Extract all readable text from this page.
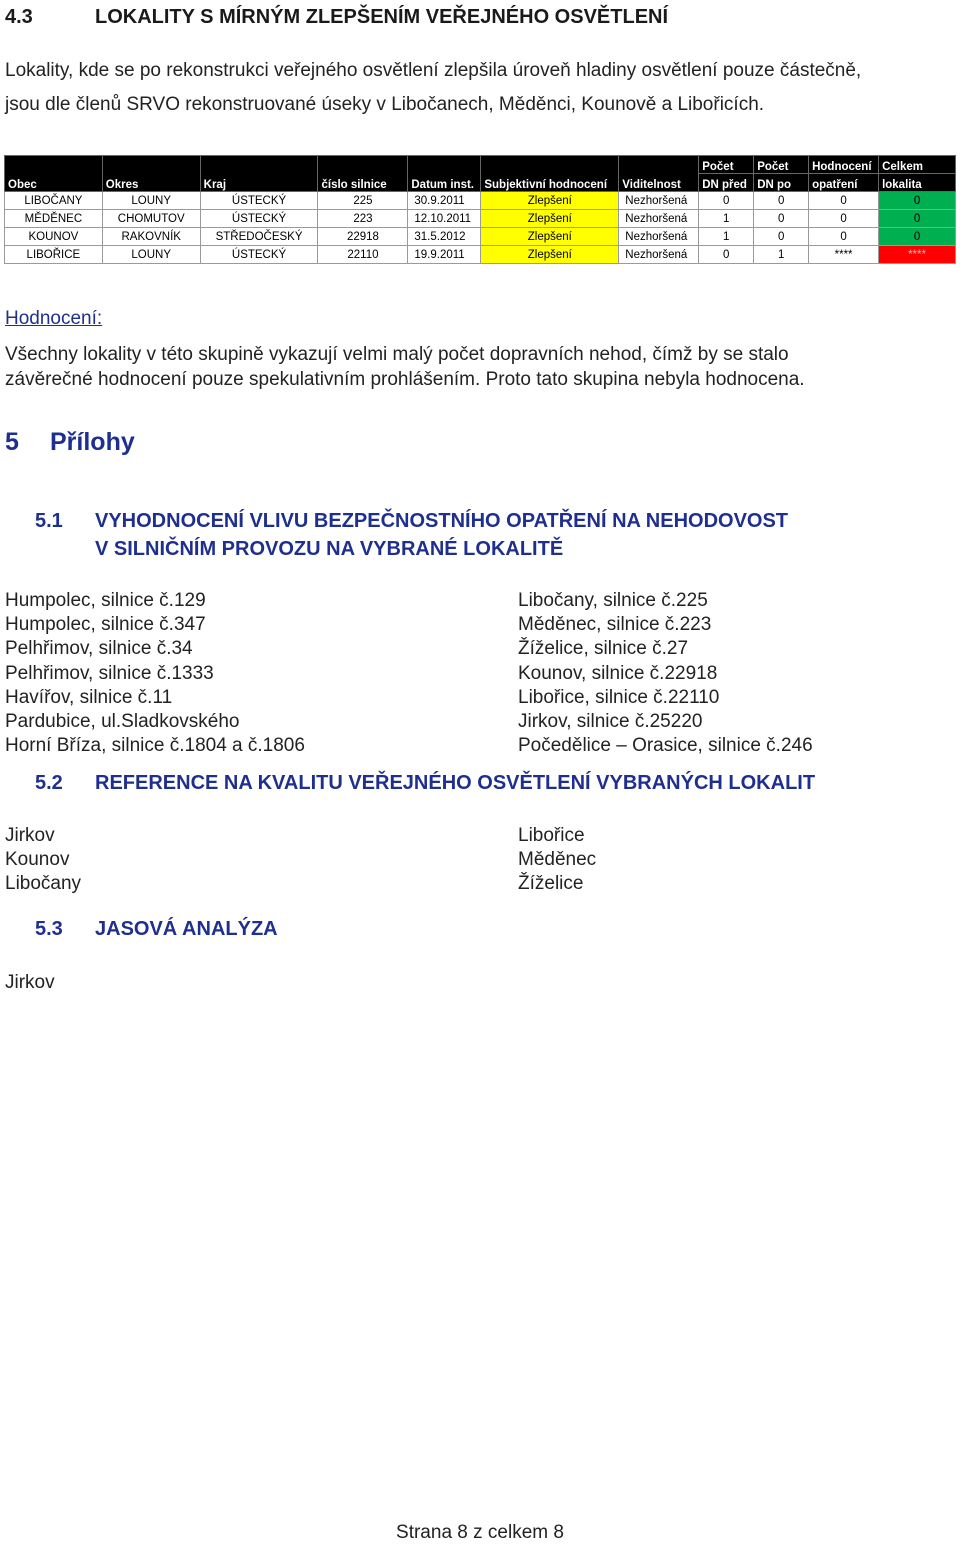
4.3	LOKALITY S MÍRNÝM ZLEPŠENÍM VEŘEJNÉHO OSVĚTLENÍ
Lokality, kde se po rekonstrukci veřejného osvětlení zlepšila úroveň hladiny osvětlení pouze částečně,
jsou dle členů SRVO rekonstruované úseky v Libočanech, Měděnci, Kounově a Libořicích.
Obec	Okres	Kraj	číslo silnice	Datum inst.	Subjektivní hodnocení	Viditelnost	Počet	Počet	Hodnocení	Celkem
							DN před	DN po	opatření	lokalita
LIBOČANY	LOUNY	ÚSTECKÝ	225	30.9.2011	Zlepšení	Nezhoršená	0	0	0	0
MĚDĚNEC	CHOMUTOV	ÚSTECKÝ	223	12.10.2011	Zlepšení	Nezhoršená	1	0	0	0
KOUNOV	RAKOVNÍK	STŘEDOČESKÝ	22918	31.5.2012	Zlepšení	Nezhoršená	1	0	0	0
LIBOŘICE	LOUNY	ÚSTECKÝ	22110	19.9.2011	Zlepšení	Nezhoršená	0	1	****	****
Hodnocení:
Všechny lokality v této skupině vykazují velmi malý počet dopravních nehod, čímž by se stalo
závěrečné hodnocení pouze spekulativním prohlášením. Proto tato skupina nebyla hodnocena.
5 Přílohy
5.1 VYHODNOCENÍ VLIVU BEZPEČNOSTNÍHO OPATŘENÍ NA NEHODOVOST
V SILNIČNÍM PROVOZU NA VYBRANÉ LOKALITĚ
Humpolec, silnice č.129
Humpolec, silnice č.347
Pelhřimov, silnice č.34
Pelhřimov, silnice č.1333
Havířov, silnice č.11
Pardubice, ul.Sladkovského
Horní Bříza, silnice č.1804 a č.1806
Libočany, silnice č.225
Měděnec, silnice č.223
Žíželice, silnice č.27
Kounov, silnice č.22918
Libořice, silnice č.22110
Jirkov, silnice č.25220
Počedělice – Orasice, silnice č.246
5.2 REFERENCE NA KVALITU VEŘEJNÉHO OSVĚTLENÍ VYBRANÝCH LOKALIT
Jirkov
Kounov
Libočany
Libořice
Měděnec
Žíželice
5.3 JASOVÁ ANALÝZA
Jirkov
Strana 8 z celkem 8
